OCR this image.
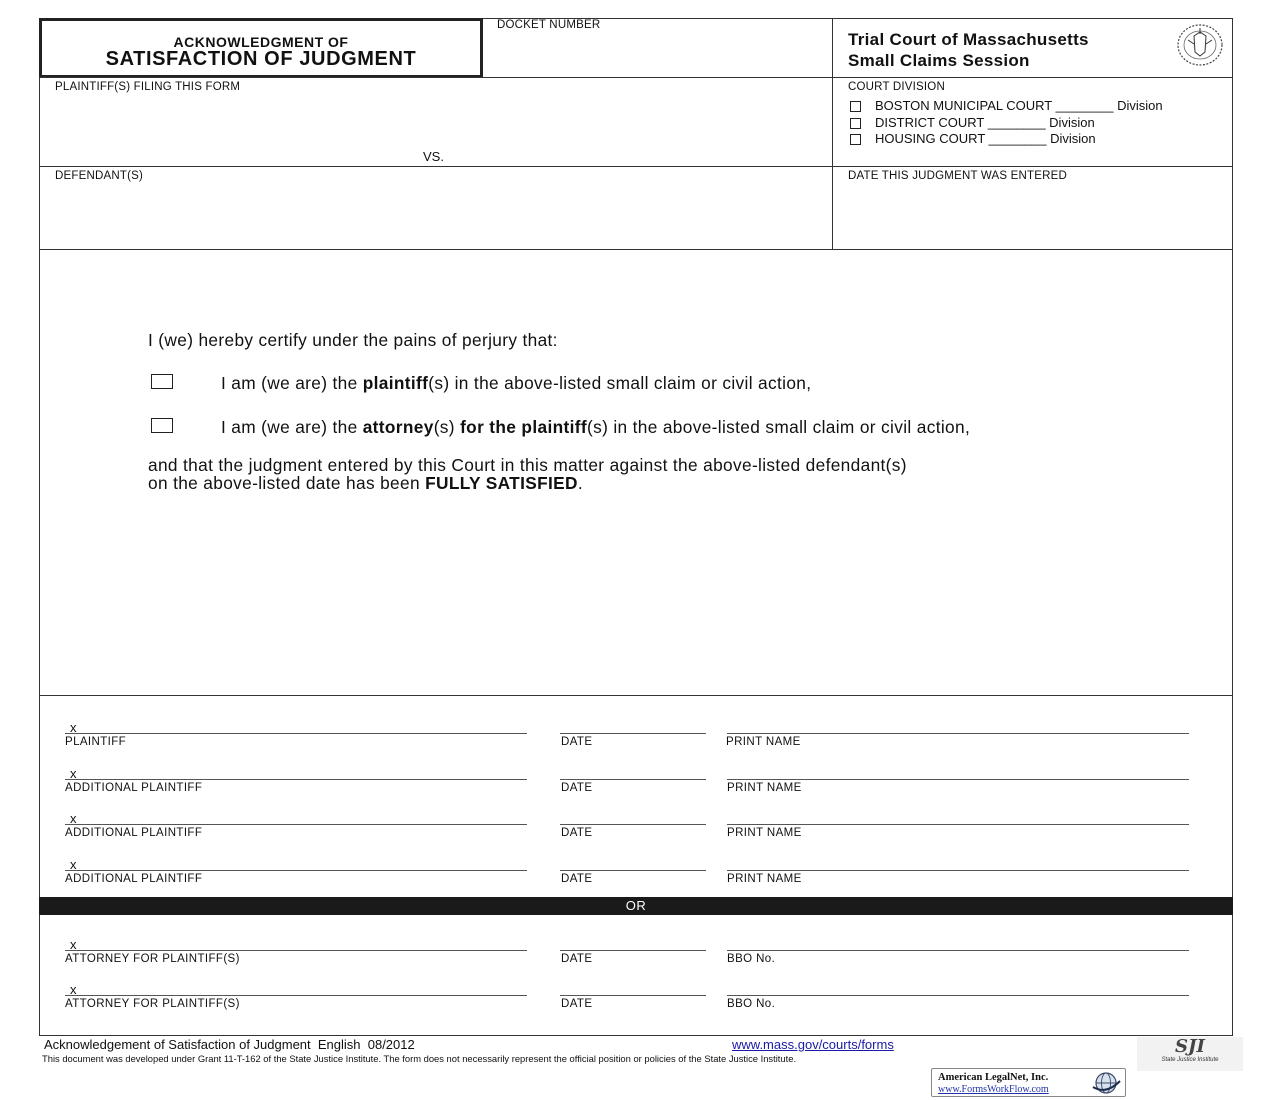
ACKNOWLEDGMENT OF
SATISFACTION OF JUDGMENT
DOCKET NUMBER
Trial Court of Massachusetts
Small Claims Session
PLAINTIFF(S) FILING THIS FORM
VS.
COURT DIVISION
BOSTON MUNICIPAL COURT ________ Division
DISTRICT COURT ________ Division
HOUSING COURT ________ Division
DEFENDANT(S)	DATE THIS JUDGMENT WAS ENTERED
I (we) hereby certify under the pains of perjury that:
I am (we are) the plaintiff(s) in the above-listed small claim or civil action,
I am (we are) the attorney(s) for the plaintiff(s) in the above-listed small claim or civil action,
and that the judgment entered by this Court in this matter against the above-listed defendant(s)
on the above-listed date has been FULLY SATISFIED.
x
PLAINTIFF	DATE	PRINT NAME
x
ADDITIONAL PLAINTIFF	DATE	PRINT NAME
x
ADDITIONAL PLAINTIFF	DATE	PRINT NAME
x
ADDITIONAL PLAINTIFF	DATE	PRINT NAME
OR
x
ATTORNEY FOR PLAINTIFF(S)	DATE	BBO No.
x
ATTORNEY FOR PLAINTIFF(S)	DATE	BBO No.
Acknowledgement of Satisfaction of Judgment  English  08/2012	www.mass.gov/courts/forms
This document was developed under Grant 11-T-162 of the State Justice Institute. The form does not necessarily represent the official position or policies of the State Justice Institute.
SJI
State Justice Institute
American LegalNet, Inc.
www.FormsWorkFlow.com
